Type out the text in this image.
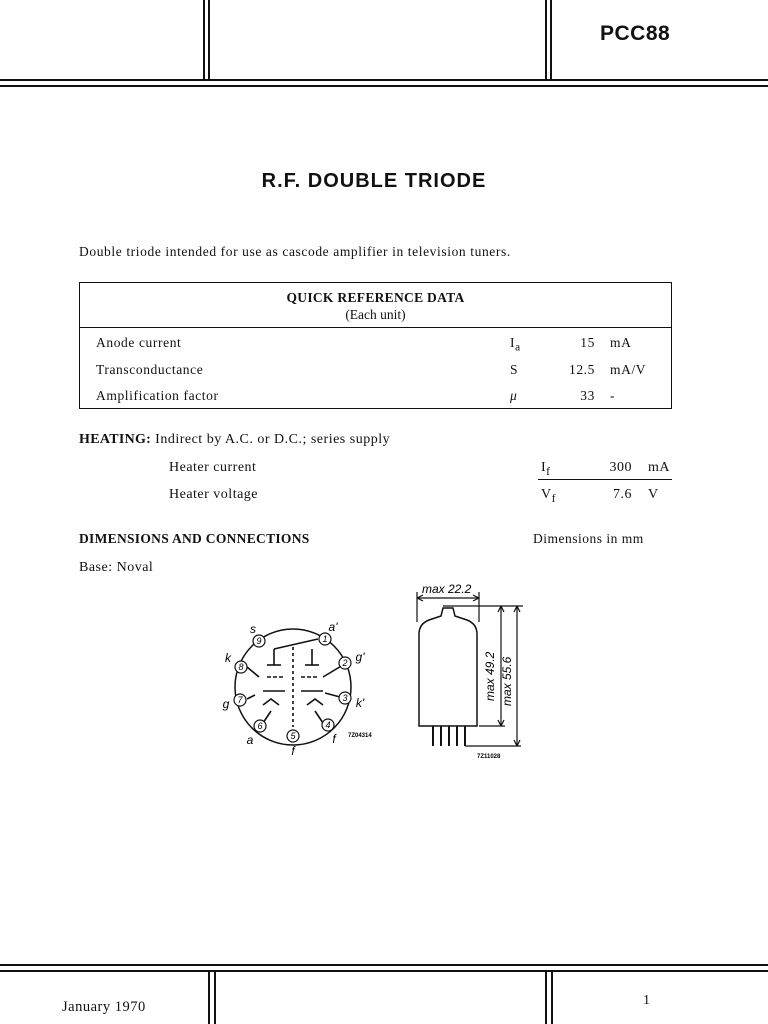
PCC88
R.F. DOUBLE TRIODE
Double triode intended for use as cascode amplifier in television tuners.
QUICK REFERENCE DATA
(Each unit)
Anode current	$I_a$	15 mA
Transconductance	S	12.5 mA/V
Amplification factor	μ	33 -
HEATING: Indirect by A.C. or D.C.; series supply
Heater current	$I_f$	300 mA
Heater voltage	$V_f$	7.6 V
DIMENSIONS AND CONNECTIONS	Dimensions in mm
Base: Noval
9	1
2
3
4
5
6
7
8
s	a'
g'
k'
f
f
a
g
k
7Z04314
max 22.2
max 49.2 max 55.6
7Z11028
January 1970	1
